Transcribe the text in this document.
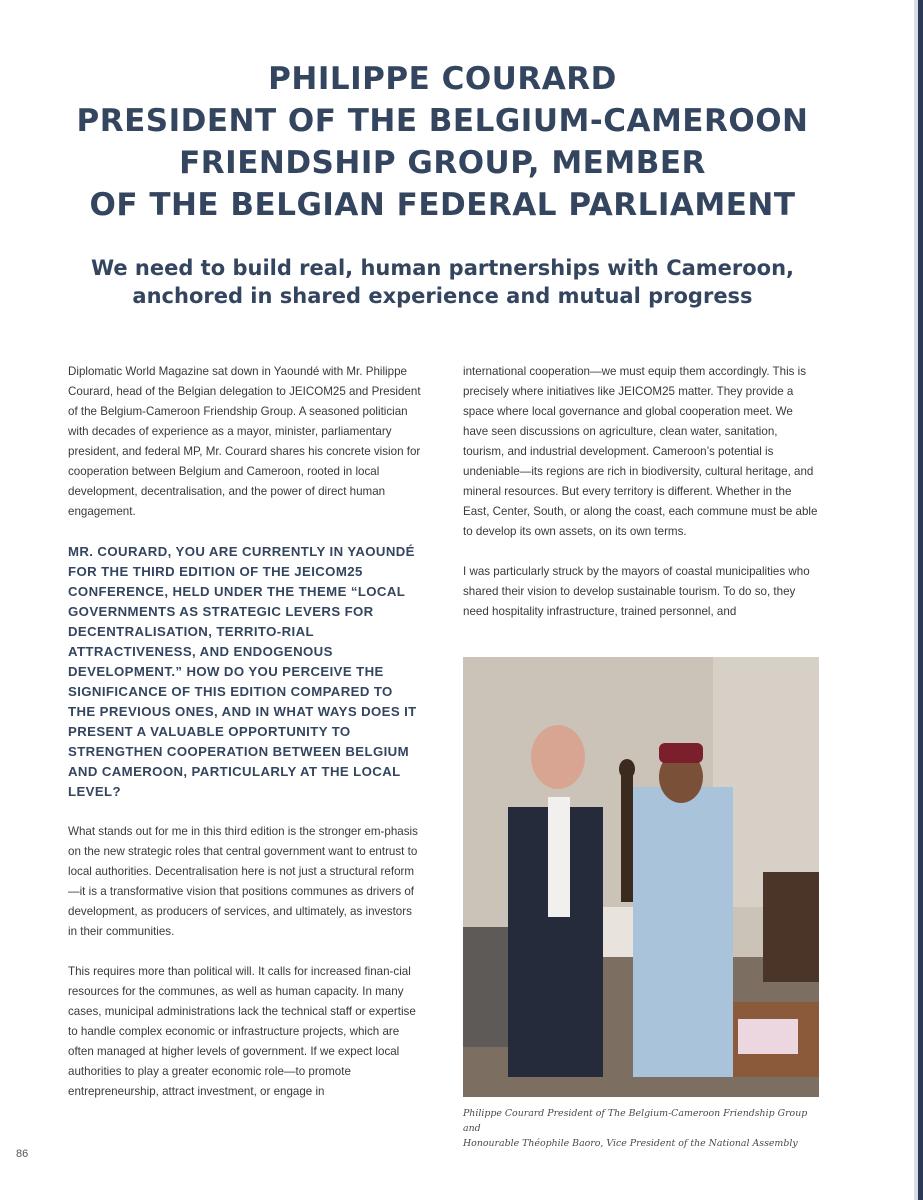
PHILIPPE COURARD
PRESIDENT OF THE BELGIUM-CAMEROON
FRIENDSHIP GROUP, MEMBER
OF THE BELGIAN FEDERAL PARLIAMENT
We need to build real, human partnerships with Cameroon,
anchored in shared experience and mutual progress

Diplomatic World Magazine sat down in Yaoundé with Mr. Philippe Courard, head of the Belgian delegation to JEICOM25 and President of the Belgium-Cameroon Friendship Group. A seasoned politician with decades of experience as a mayor, minister, parliamentary president, and federal MP, Mr. Courard shares his concrete vision for cooperation between Belgium and Cameroon, rooted in local development, decentralisation, and the power of direct human engagement.

MR. COURARD, YOU ARE CURRENTLY IN YAOUNDÉ FOR THE THIRD EDITION OF THE JEICOM25 CONFERENCE, HELD UNDER THE THEME “LOCAL GOVERNMENTS AS STRATEGIC LEVERS FOR DECENTRALISATION, TERRITO-RIAL ATTRACTIVENESS, AND ENDOGENOUS DEVELOPMENT.” HOW DO YOU PERCEIVE THE SIGNIFICANCE OF THIS EDITION COMPARED TO THE PREVIOUS ONES, AND IN WHAT WAYS DOES IT PRESENT A VALUABLE OPPORTUNITY TO STRENGTHEN COOPERATION BETWEEN BELGIUM AND CAMEROON, PARTICULARLY AT THE LOCAL LEVEL?

What stands out for me in this third edition is the stronger em-phasis on the new strategic roles that central government want to entrust to local authorities. Decentralisation here is not just a structural reform—it is a transformative vision that positions communes as drivers of development, as producers of services, and ultimately, as investors in their communities.

This requires more than political will. It calls for increased finan-cial resources for the communes, as well as human capacity. In many cases, municipal administrations lack the technical staff or expertise to handle complex economic or infrastructure projects, which are often managed at higher levels of government. If we expect local authorities to play a greater economic role—to promote entrepreneurship, attract investment, or engage in

international cooperation—we must equip them accordingly. This is precisely where initiatives like JEICOM25 matter. They provide a space where local governance and global cooperation meet. We have seen discussions on agriculture, clean water, sanitation, tourism, and industrial development. Cameroon’s potential is undeniable—its regions are rich in biodiversity, cultural heritage, and mineral resources. But every territory is different. Whether in the East, Center, South, or along the coast, each commune must be able to develop its own assets, on its own terms.

I was particularly struck by the mayors of coastal municipalities who shared their vision to develop sustainable tourism. To do so, they need hospitality infrastructure, trained personnel, and

Philippe Courard President of The Belgium-Cameroon Friendship Group and
Honourable Théophile Baoro, Vice President of the National Assembly
86
